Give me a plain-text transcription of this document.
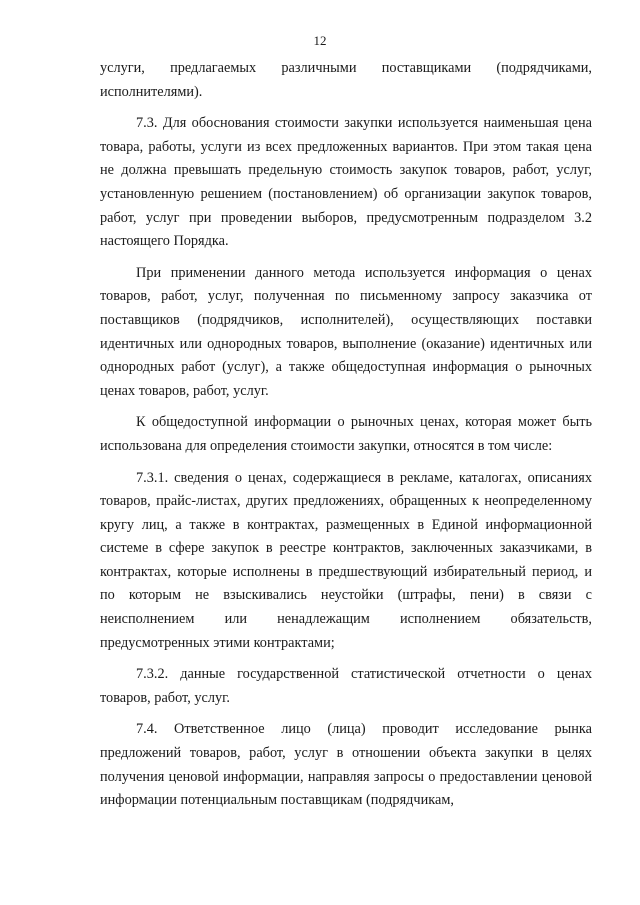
12

услуги, предлагаемых различными поставщиками (подрядчиками, исполнителями).

7.3. Для обоснования стоимости закупки используется наименьшая цена товара, работы, услуги из всех предложенных вариантов. При этом такая цена не должна превышать предельную стоимость закупок товаров, работ, услуг, установленную решением (постановлением) об организации закупок товаров, работ, услуг при проведении выборов, предусмотренным подразделом 3.2 настоящего Порядка.

При применении данного метода используется информация о ценах товаров, работ, услуг, полученная по письменному запросу заказчика от поставщиков (подрядчиков, исполнителей), осуществляющих поставки идентичных или однородных товаров, выполнение (оказание) идентичных или однородных работ (услуг), а также общедоступная информация о рыночных ценах товаров, работ, услуг.

К общедоступной информации о рыночных ценах, которая может быть использована для определения стоимости закупки, относятся в том числе:

7.3.1. сведения о ценах, содержащиеся в рекламе, каталогах, описаниях товаров, прайс-листах, других предложениях, обращенных к неопределенному кругу лиц, а также в контрактах, размещенных в Единой информационной системе в сфере закупок в реестре контрактов, заключенных заказчиками, в контрактах, которые исполнены в предшествующий избирательный период, и по которым не взыскивались неустойки (штрафы, пени) в связи с неисполнением или ненадлежащим исполнением обязательств, предусмотренных этими контрактами;

7.3.2. данные государственной статистической отчетности о ценах товаров, работ, услуг.

7.4. Ответственное лицо (лица) проводит исследование рынка предложений товаров, работ, услуг в отношении объекта закупки в целях получения ценовой информации, направляя запросы о предоставлении ценовой информации потенциальным поставщикам (подрядчикам,
